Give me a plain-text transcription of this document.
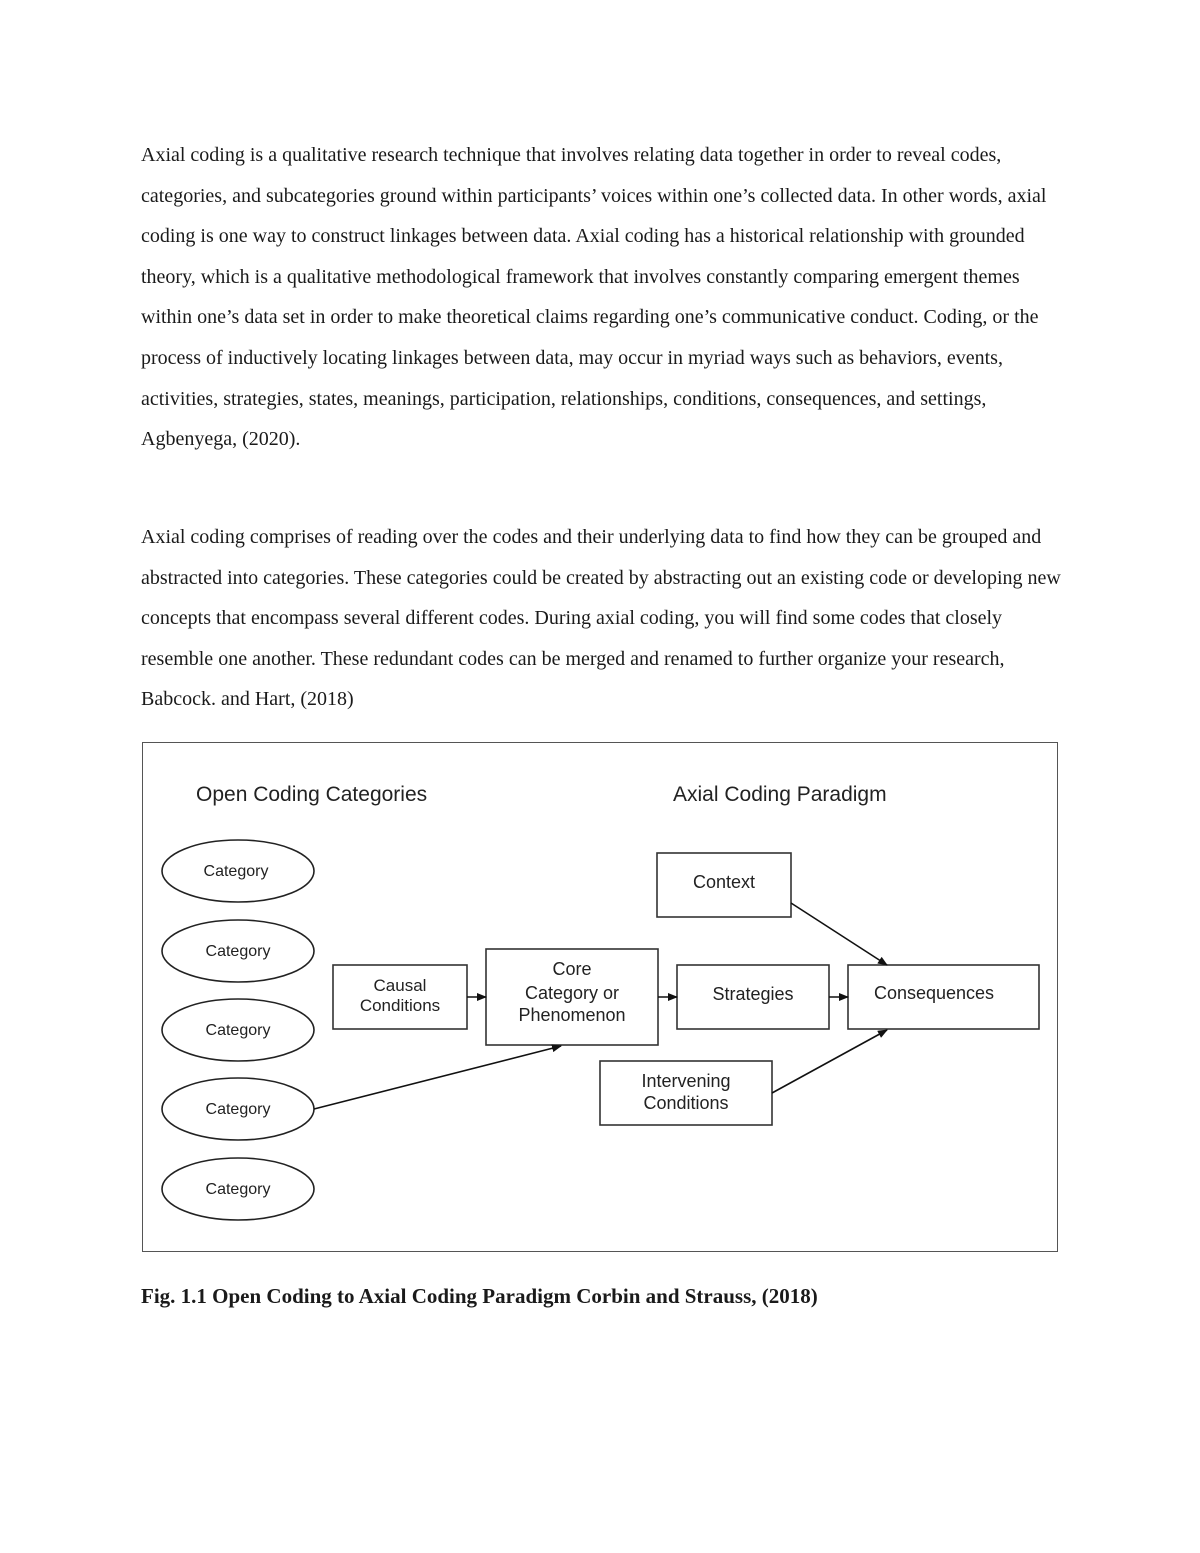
Axial coding is a qualitative research technique that involves relating data together in order to reveal codes, categories, and subcategories ground within participants’ voices within one’s collected data. In other words, axial coding is one way to construct linkages between data. Axial coding has a historical relationship with grounded theory, which is a qualitative methodological framework that involves constantly comparing emergent themes within one’s data set in order to make theoretical claims regarding one’s communicative conduct. Coding, or the process of inductively locating linkages between data, may occur in myriad ways such as behaviors, events, activities, strategies, states, meanings, participation, relationships, conditions, consequences, and settings, Agbenyega, (2020).

Axial coding comprises of reading over the codes and their underlying data to find how they can be grouped and abstracted into categories. These categories could be created by abstracting out an existing code or developing new concepts that encompass several different codes. During axial coding, you will find some codes that closely resemble one another. These redundant codes can be merged and renamed to further organize your research, Babcock. and Hart, (2018)

Open Coding Categories	Axial Coding Paradigm
Category
Category
Category
Category
Category
Causal
Conditions
Core
Category or
Phenomenon
Context
Strategies	Consequences
Intervening
Conditions

Fig. 1.1 Open Coding to Axial Coding Paradigm Corbin and Strauss, (2018)
